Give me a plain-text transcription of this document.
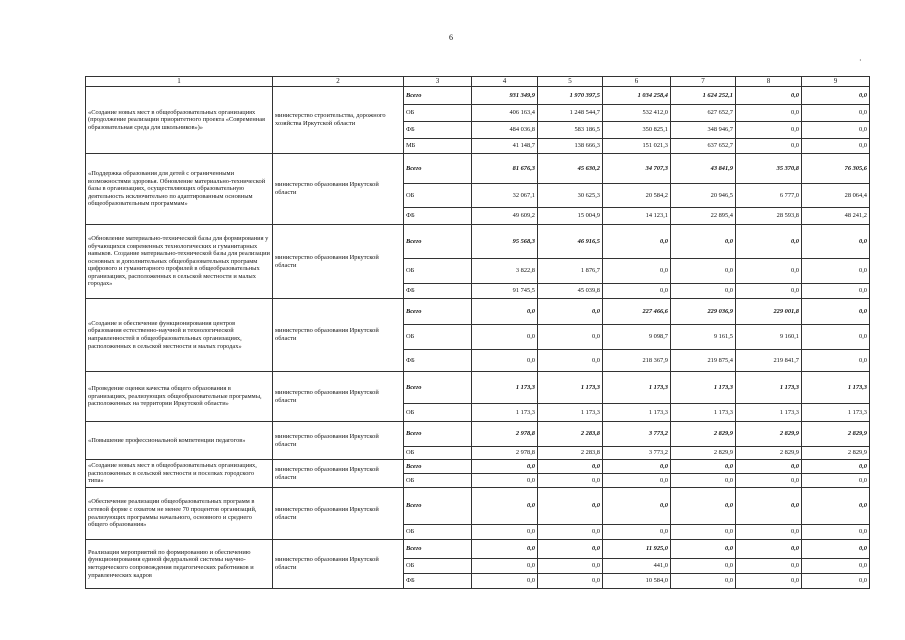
6
·
1	2	3	4	5	6	7	8	9
«Создание новых мест в общеобразовательных организациях (продолжение реализации приоритетного проекта «Современная образовательная среда для школьников»)»	министерство строительства, дорожного хозяйства Иркутской области	Всего	931 349,9	1 970 397,5	1 034 258,4	1 624 252,1	0,0	0,0
		ОБ	406 163,4	1 248 544,7	532 412,0	627 652,7	0,0	0,0
		ФБ	484 036,8	583 186,5	350 825,1	348 946,7	0,0	0,0
		МБ	41 148,7	138 666,3	151 021,3	637 652,7	0,0	0,0
«Поддержка образования для детей с ограниченными возможностями здоровья. Обновление материально-технической базы в организациях, осуществляющих образовательную деятельность исключительно по адаптированным основным общеобразовательным программам»	министерство образования Иркутской области	Всего	81 676,3	45 630,2	34 707,3	43 841,9	35 370,8	76 305,6
		ОБ	32 067,1	30 625,3	20 584,2	20 946,5	6 777,0	28 064,4
		ФБ	49 609,2	15 004,9	14 123,1	22 895,4	28 593,8	48 241,2
«Обновление материально-технической базы для формирования у обучающихся современных технологических и гуманитарных навыков. Создание материально-технической базы для реализации основных и дополнительных общеобразовательных программ цифрового и гуманитарного профилей в общеобразовательных организациях, расположенных в сельской местности и малых городах»	министерство образования Иркутской области	Всего	95 568,3	46 916,5	0,0	0,0	0,0	0,0
		ОБ	3 822,8	1 876,7	0,0	0,0	0,0	0,0
		ФБ	91 745,5	45 039,8	0,0	0,0	0,0	0,0
«Создание и обеспечение функционирования центров образования естественно-научной и технологической направленностей в общеобразовательных организациях, расположенных в сельской местности и малых городах»	министерство образования Иркутской области	Всего	0,0	0,0	227 466,6	229 036,9	229 001,8	0,0
		ОБ	0,0	0,0	9 098,7	9 161,5	9 160,1	0,0
		ФБ	0,0	0,0	218 367,9	219 875,4	219 841,7	0,0
«Проведение оценки качества общего образования в организациях, реализующих общеобразовательные программы, расположенных на территории Иркутской области»	министерство образования Иркутской области	Всего	1 173,3	1 173,3	1 173,3	1 173,3	1 173,3	1 173,3
		ОБ	1 173,3	1 173,3	1 173,3	1 173,3	1 173,3	1 173,3
«Повышение профессиональной компетенции педагогов»	министерство образования Иркутской области	Всего	2 978,8	2 283,8	3 773,2	2 829,9	2 829,9	2 829,9
		ОБ	2 978,8	2 283,8	3 773,2	2 829,9	2 829,9	2 829,9
«Создание новых мест в общеобразовательных организациях, расположенных в сельской местности и поселках городского типа»	министерство образования Иркутской области	Всего	0,0	0,0	0,0	0,0	0,0	0,0
		ОБ	0,0	0,0	0,0	0,0	0,0	0,0
«Обеспечение реализации общеобразовательных программ в сетевой форме с охватом не менее 70 процентов организаций, реализующих программы начального, основного и среднего общего образования»	министерство образования Иркутской области	Всего	0,0	0,0	0,0	0,0	0,0	0,0
		ОБ	0,0	0,0	0,0	0,0	0,0	0,0
Реализация мероприятий по формированию и обеспечению функционирования единой федеральной системы научно-методического сопровождения педагогических работников и управленческих кадров	министерство образования Иркутской области	Всего	0,0	0,0	11 925,0	0,0	0,0	0,0
		ОБ	0,0	0,0	441,0	0,0	0,0	0,0
		ФБ	0,0	0,0	10 584,0	0,0	0,0	0,0
